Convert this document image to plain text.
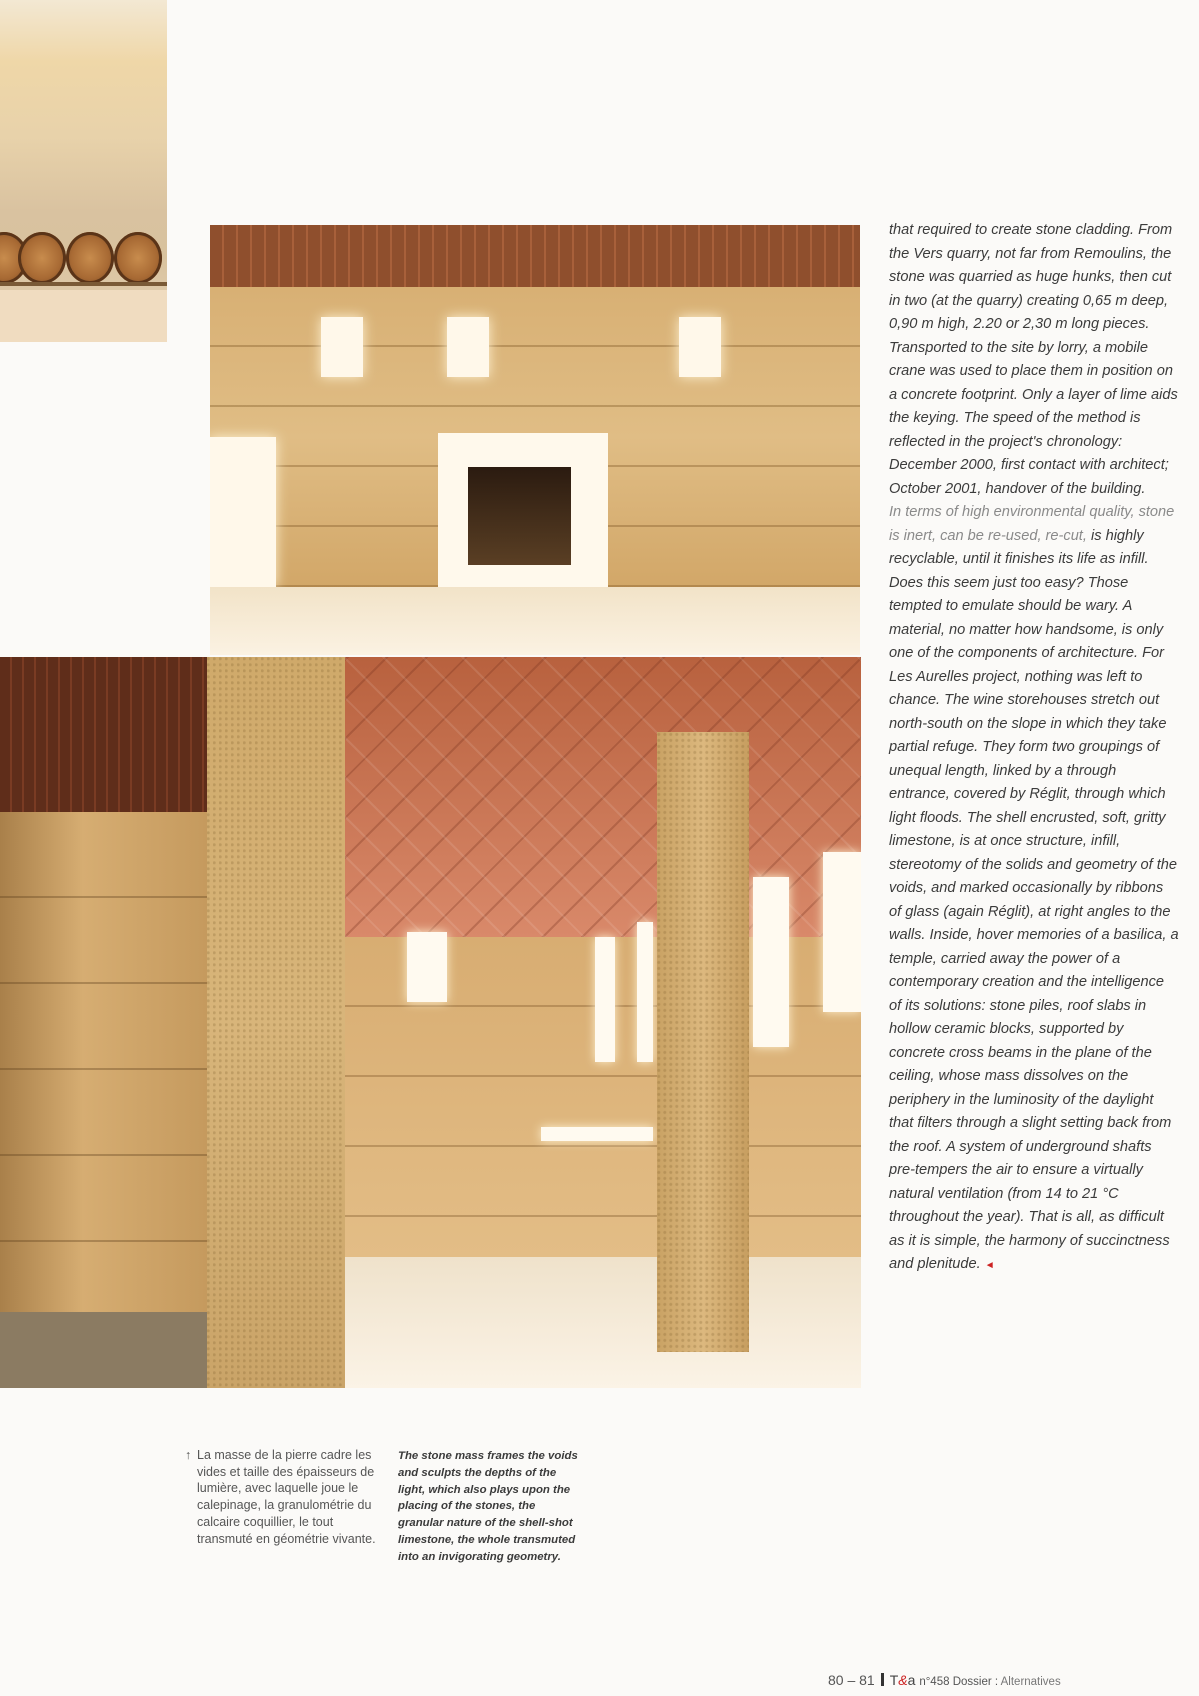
that required to create stone cladding. From the Vers quarry, not far from Remoulins, the stone was quarried as huge hunks, then cut in two (at the quarry) creating 0,65 m deep, 0,90 m high, 2.20 or 2,30 m long pieces. Transported to the site by lorry, a mobile crane was used to place them in position on a concrete footprint. Only a layer of lime aids the keying. The speed of the method is reflected in the project's chronology: December 2000, first contact with architect; October 2001, handover of the building.

In terms of high environmental quality, stone is inert, can be re-used, re-cut, is highly recyclable, until it finishes its life as infill. Does this seem just too easy? Those tempted to emulate should be wary. A material, no matter how handsome, is only one of the components of architecture. For Les Aurelles project, nothing was left to chance. The wine storehouses stretch out north-south on the slope in which they take partial refuge. They form two groupings of unequal length, linked by a through entrance, covered by Réglit, through which light floods. The shell encrusted, soft, gritty limestone, is at once structure, infill, stereotomy of the solids and geometry of the voids, and marked occasionally by ribbons of glass (again Réglit), at right angles to the walls. Inside, hover memories of a basilica, a temple, carried away the power of a contemporary creation and the intelligence of its solutions: stone piles, roof slabs in hollow ceramic blocks, supported by concrete cross beams in the plane of the ceiling, whose mass dissolves on the periphery in the luminosity of the daylight that filters through a slight setting back from the roof. A system of underground shafts pre-tempers the air to ensure a virtually natural ventilation (from 14 to 21 °C throughout the year). That is all, as difficult as it is simple, the harmony of succinctness and plenitude. ◄

↑ La masse de la pierre cadre les vides et taille des épaisseurs de lumière, avec laquelle joue le calepinage, la granulométrie du calcaire coquillier, le tout transmuté en géométrie vivante.
The stone mass frames the voids and sculpts the depths of the light, which also plays upon the placing of the stones, the granular nature of the shell-shot limestone, the whole transmuted into an invigorating geometry.
80 – 81 T&a n°458 Dossier : Alternatives
